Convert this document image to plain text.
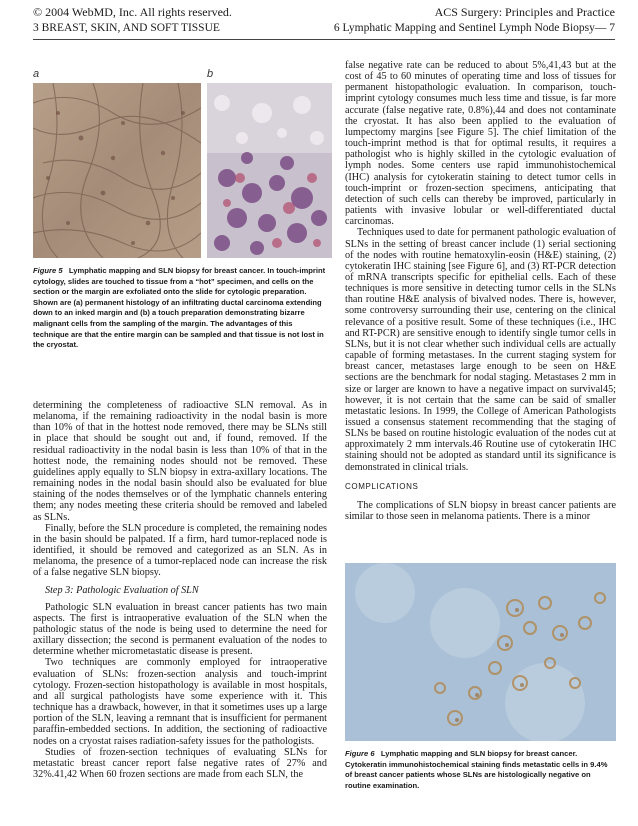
© 2004 WebMD, Inc. All rights reserved.
3 BREAST, SKIN, AND SOFT TISSUE
ACS Surgery: Principles and Practice
6 Lymphatic Mapping and Sentinel Lymph Node Biopsy— 7
a	b
Figure 5 Lymphatic mapping and SLN biopsy for breast cancer. In touch-imprint cytology, slides are touched to tissue from a “hot” specimen, and cells on the section or the margin are exfoliated onto the slide for cytologic preparation. Shown are (a) permanent histology of an infiltrating ductal carcinoma extending down to an inked margin and (b) a touch preparation demonstrating bizarre malignant cells from the sampling of the margin. The advantages of this technique are that the entire margin can be sampled and that tissue is not lost in the cryostat.

determining the completeness of radioactive SLN removal. As in melanoma, if the remaining radioactivity in the nodal basin is more than 10% of that in the hottest node removed, there may be SLNs still in place that should be sought out and, if found, removed. If the residual radioactivity in the nodal basin is less than 10% of that in the hottest node, the remaining nodes should not be removed. These guidelines apply equally to SLN biopsy in extra-axillary locations. The remaining nodes in the nodal basin should also be evaluated for blue staining of the nodes themselves or of the lymphatic channels entering them; any nodes meeting these criteria should be removed and labeled as SLNs.

Finally, before the SLN procedure is completed, the remaining nodes in the basin should be palpated. If a firm, hard tumor-replaced node is identified, it should be removed and categorized as an SLN. As in melanoma, the presence of a tumor-replaced node can increase the risk of a false negative SLN biopsy.

Step 3: Pathologic Evaluation of SLN

Pathologic SLN evaluation in breast cancer patients has two main aspects. The first is intraoperative evaluation of the SLN when the pathologic status of the node is being used to determine the need for axillary dissection; the second is permanent evaluation of the nodes to determine whether micrometastatic disease is present.

Two techniques are commonly employed for intraoperative evaluation of SLNs: frozen-section analysis and touch-imprint cytology. Frozen-section histopathology is available in most hospitals, and all surgical pathologists have some experience with it. This technique has a drawback, however, in that it sometimes uses up a large portion of the SLN, leaving a remnant that is insufficient for permanent paraffin-embedded sections. In addition, the sectioning of radioactive nodes on a cryostat raises radiation-safety issues for the pathologists.

Studies of frozen-section techniques of evaluating SLNs for metastatic breast cancer report false negative rates of 27% and 32%.41,42 When 60 frozen sections are made from each SLN, the

false negative rate can be reduced to about 5%,41,43 but at the cost of 45 to 60 minutes of operating time and loss of tissues for permanent histopathologic evaluation. In comparison, touch-imprint cytology consumes much less time and tissue, is far more accurate (false negative rate, 0.8%),44 and does not contaminate the cryostat. It has also been applied to the evaluation of lumpectomy margins [see Figure 5]. The chief limitation of the touch-imprint method is that for optimal results, it requires a pathologist who is highly skilled in the cytologic evaluation of lymph nodes. Some centers use rapid immunohistochemical (IHC) analysis for cytokeratin staining to detect tumor cells in touch-imprint or frozen-section specimens, anticipating that detection of such cells can thereby be improved, particularly in patients with invasive lobular or well-differentiated ductal carcinomas.

Techniques used to date for permanent pathologic evaluation of SLNs in the setting of breast cancer include (1) serial sectioning of the nodes with routine hematoxylin-eosin (H&E) staining, (2) cytokeratin IHC staining [see Figure 6], and (3) RT-PCR detection of mRNA transcripts specific for epithelial cells. Each of these techniques is more sensitive in detecting tumor cells in the SLNs than routine H&E analysis of bivalved nodes. There is, however, some controversy surrounding their use, centering on the clinical relevance of a positive result. Some of these techniques (i.e., IHC and RT-PCR) are sensitive enough to identify single tumor cells in SLNs, but it is not clear whether such individual cells are actually capable of forming metastases. In the current staging system for breast cancer, metastases large enough to be seen on H&E sections are the benchmark for nodal staging. Metastases 2 mm in size or larger are known to have a negative impact on survival45; however, it is not certain that the same can be said of smaller metastatic lesions. In 1999, the College of American Pathologists issued a consensus statement recommending that the staging of SLNs be based on routine histologic evaluation of the nodes cut at approximately 2 mm intervals.46 Routine use of cytokeratin IHC staining should not be adopted as standard until its significance is demonstrated in clinical trials.

COMPLICATIONS

The complications of SLN biopsy in breast cancer patients are similar to those seen in melanoma patients. There is a minor

Figure 6 Lymphatic mapping and SLN biopsy for breast cancer. Cytokeratin immunohistochemical staining finds metastatic cells in 9.4% of breast cancer patients whose SLNs are histologically negative on routine examination.
